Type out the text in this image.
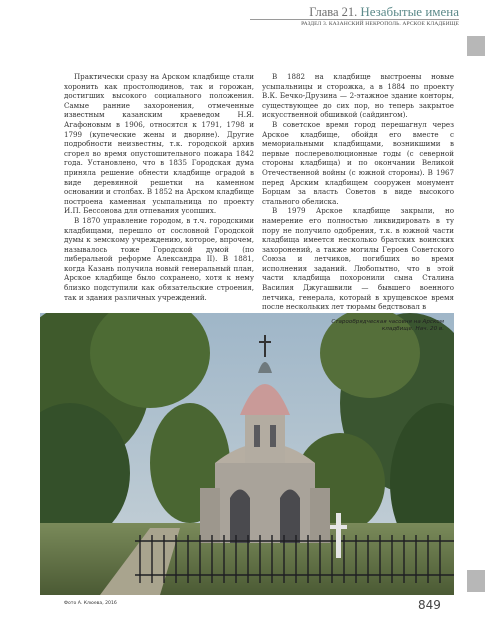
Глава 21. Незабытые имена
РАЗДЕЛ 3. КАЗАНСКИЙ НЕКРОПОЛЬ. АРСКОЕ КЛАДБИЩЕ

Практически сразу на Арском кладбище стали хоронить как простолюдинов, так и горожан, достигших высокого социального положения. Самые ранние захоронения, отмеченные известным казанским краеведом Н.Я. Агафоновым в 1906, относятся к 1791, 1798 и 1799 (купеческие жены и дворяне). Другие подробности неизвестны, т.к. городской архив сгорел во время опустошительного пожара 1842 года. Установлено, что в 1835 Городская дума приняла решение обнести кладбище оградой в виде деревянной решетки на каменном основании и столбах. В 1852 на Арском кладбище построена каменная усыпальница по проекту И.П. Бессонова для отпевания усопших.

В 1870 управление городом, в т.ч. городскими кладбищами, перешло от сословной Городской думы к земскому учреждению, которое, впрочем, называлось тоже Городской думой (по либеральной реформе Александра II). В 1881, когда Казань получила новый генеральный план, Арское кладбище было сохранено, хотя к нему близко подступили как обязательские строения, так и здания различных учреждений.

В 1882 на кладбище выстроены новые усыпальницы и сторожка, а в 1884 по проекту В.К. Бечко-Друзина — 2-этажное здание конторы, существующее до сих пор, но теперь закрытое искусственной обшивкой (сайдингом).

В советское время город перешагнул через Арское кладбище, обойдя его вместе с мемориальными кладбищами, возникшими в первые послереволюционные годы (с северной стороны кладбища) и по окончании Великой Отечественной войны (с южной стороны). В 1967 перед Арским кладбищем сооружен монумент Борцам за власть Советов в виде высокого стального обелиска.

В 1979 Арское кладбище закрыли, но намерение его полностью ликвидировать в ту пору не получило одобрения, т.к. в южной части кладбища имеется несколько братских воинских захоронений, а также могилы Героев Советского Союза и летчиков, погибших во время исполнения заданий. Любопытно, что в этой части кладбища похоронили сына Сталина Василия Джугашвили — бывшего военного летчика, генерала, который в хрущевское время после нескольких лет тюрьмы бедствовал в

Старообрядческая часовня на Арском кладбище. Нач. 20 в.
Фото А. Клюева, 2016	849
